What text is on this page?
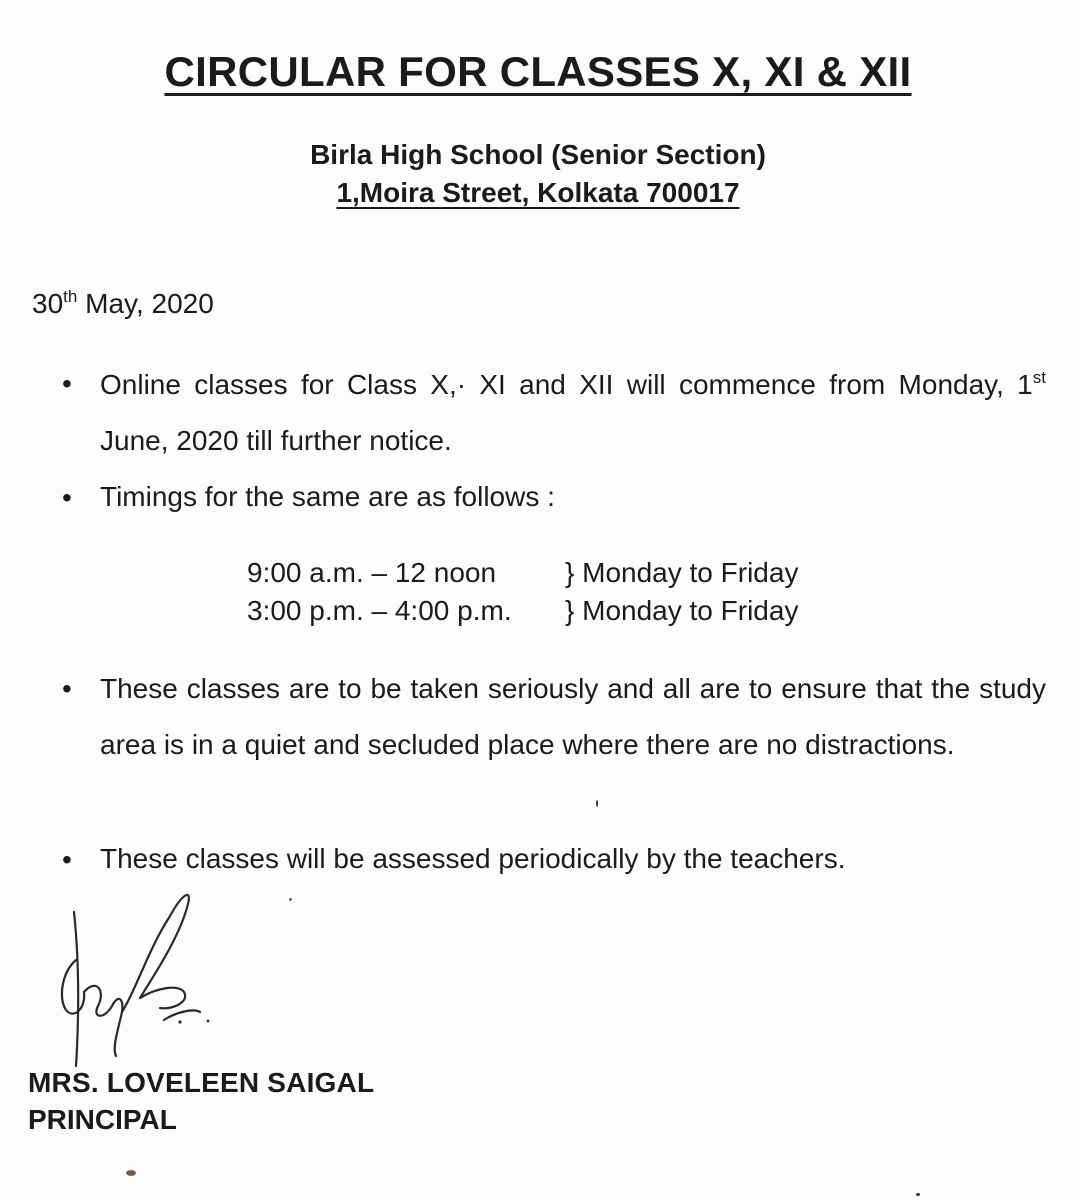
CIRCULAR FOR CLASSES X, XI & XII
Birla High School (Senior Section)
1,Moira Street, Kolkata 700017
30th May, 2020
• Online classes for Class X,· XI and XII will commence from Monday, 1st June, 2020 till further notice.
• Timings for the same are as follows :
9:00 a.m. – 12 noon } Monday to Friday
3:00 p.m. – 4:00 p.m. } Monday to Friday
• These classes are to be taken seriously and all are to ensure that the study area is in a quiet and secluded place where there are no distractions.
• These classes will be assessed periodically by the teachers.
MRS. LOVELEEN SAIGAL
PRINCIPAL
